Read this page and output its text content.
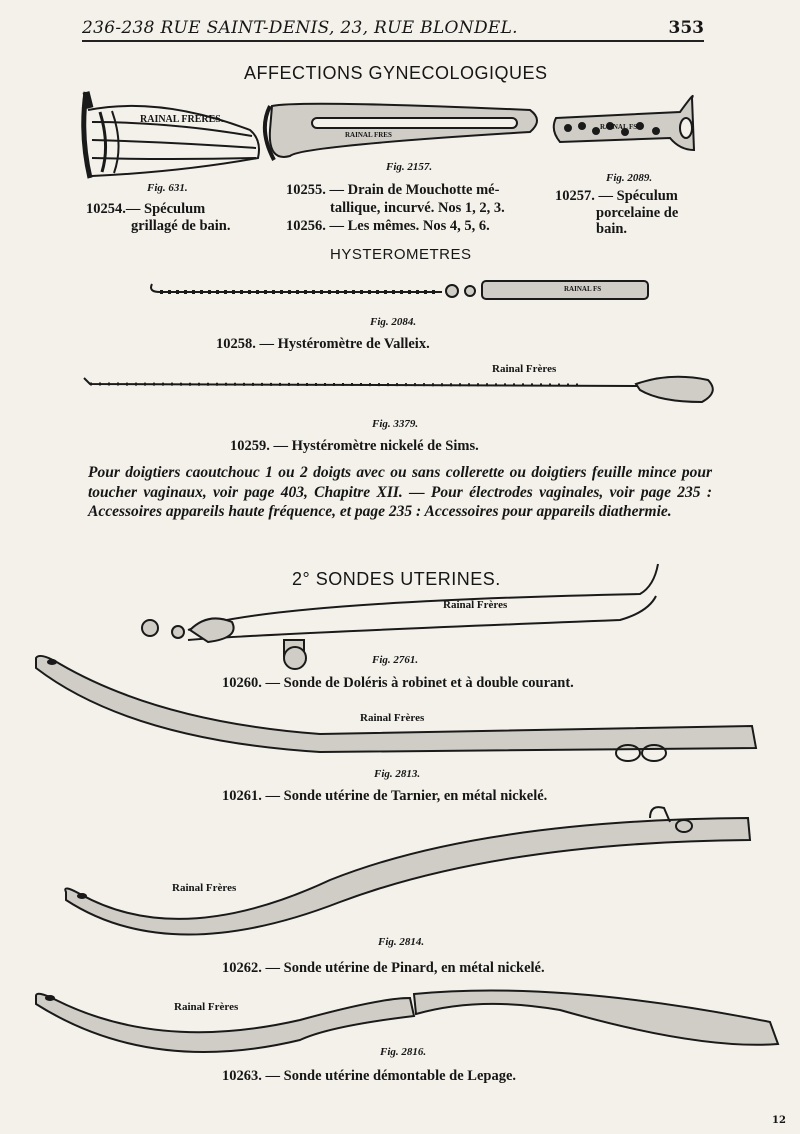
236-238 RUE SAINT-DENIS, 23, RUE BLONDEL.	353
AFFECTIONS GYNECOLOGIQUES
RAINAL FRÈRES.
RAINAL FRES
RAINAL FS
RAINAL FS
Fig. 631.
10254.— Spéculum
grillagé de bain.
Fig. 2157.
10255. — Drain de Mouchotte mé-
tallique, incurvé. Nos 1, 2, 3.
10256. — Les mêmes. Nos 4, 5, 6.
Fig. 2089.
10257. — Spéculum
porcelaine de
bain.
HYSTEROMETRES
Fig. 2084.
10258. — Hystéromètre de Valleix.
Rainal Frères
Fig. 3379.
10259. — Hystéromètre nickelé de Sims.
Pour doigtiers caoutchouc 1 ou 2 doigts avec ou sans collerette ou doigtiers feuille mince pour toucher vaginaux, voir page 403, Chapitre XII. — Pour électrodes vaginales, voir page 235 : Accessoires appareils haute fréquence, et page 235 : Accessoires pour appareils diathermie.
2° SONDES UTERINES.
Rainal Frères
Fig. 2761.
10260. — Sonde de Doléris à robinet et à double courant.
Rainal Frères
Fig. 2813.
10261. — Sonde utérine de Tarnier, en métal nickelé.
Rainal Frères
Fig. 2814.
10262. — Sonde utérine de Pinard, en métal nickelé.
Rainal Frères
Fig. 2816.
10263. — Sonde utérine démontable de Lepage.
12
